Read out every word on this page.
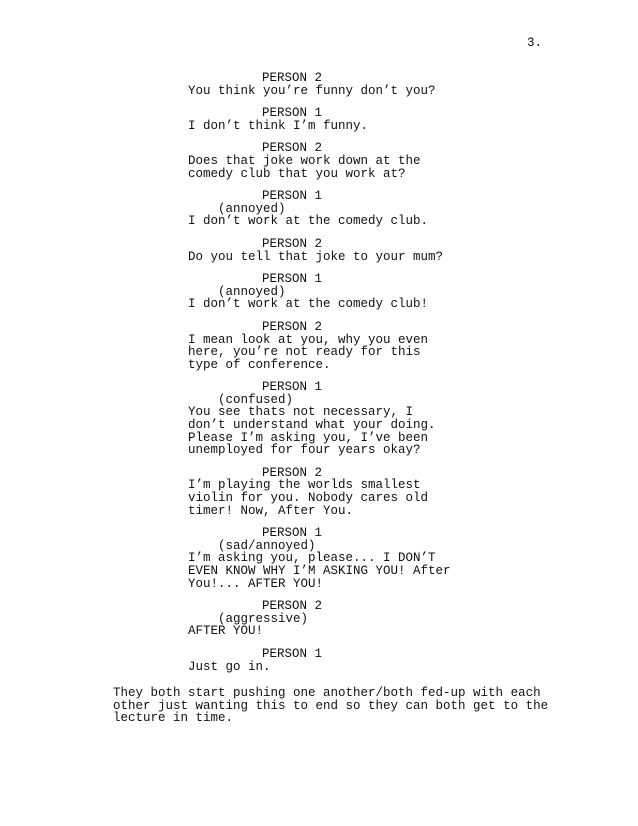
3.
PERSON 2
You think you’re funny don’t you?
PERSON 1
I don’t think I’m funny.
PERSON 2
Does that joke work down at the
comedy club that you work at?
PERSON 1
(annoyed)
I don’t work at the comedy club.
PERSON 2
Do you tell that joke to your mum?
PERSON 1
(annoyed)
I don’t work at the comedy club!
PERSON 2
I mean look at you, why you even
here, you’re not ready for this
type of conference.
PERSON 1
(confused)
You see thats not necessary, I
don’t understand what your doing.
Please I’m asking you, I’ve been
unemployed for four years okay?
PERSON 2
I’m playing the worlds smallest
violin for you. Nobody cares old
timer! Now, After You.
PERSON 1
(sad/annoyed)
I’m asking you, please... I DON’T
EVEN KNOW WHY I’M ASKING YOU! After
You!... AFTER YOU!
PERSON 2
(aggressive)
AFTER YOU!
PERSON 1
Just go in.
They both start pushing one another/both fed-up with each
other just wanting this to end so they can both get to the
lecture in time.
